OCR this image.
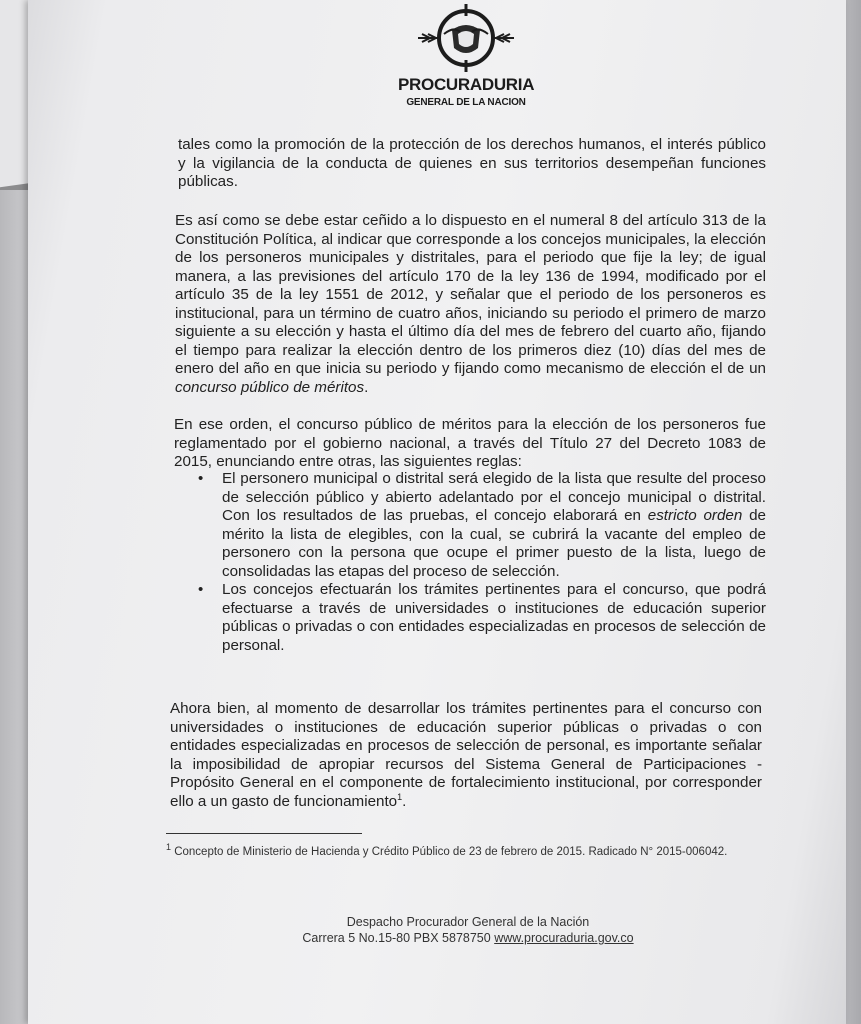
PROCURADURIA
GENERAL DE LA NACION

tales como la promoción de la protección de los derechos humanos, el interés público y la vigilancia de la conducta de quienes en sus territorios desempeñan funciones públicas.

Es así como se debe estar ceñido a lo dispuesto en el numeral 8 del artículo 313 de la Constitución Política, al indicar que corresponde a los concejos municipales, la elección de los personeros municipales y distritales, para el periodo que fije la ley; de igual manera, a las previsiones del artículo 170 de la ley 136 de 1994, modificado por el artículo 35 de la ley 1551 de 2012, y señalar que el periodo de los personeros es institucional, para un término de cuatro años, iniciando su periodo el primero de marzo siguiente a su elección y hasta el último día del mes de febrero del cuarto año, fijando el tiempo para realizar la elección dentro de los primeros diez (10) días del mes de enero del año en que inicia su periodo y fijando como mecanismo de elección el de un concurso público de méritos.

En ese orden, el concurso público de méritos para la elección de los personeros fue reglamentado por el gobierno nacional, a través del Título 27 del Decreto 1083 de 2015, enunciando entre otras, las siguientes reglas:

• El personero municipal o distrital será elegido de la lista que resulte del proceso de selección público y abierto adelantado por el concejo municipal o distrital. Con los resultados de las pruebas, el concejo elaborará en estricto orden de mérito la lista de elegibles, con la cual, se cubrirá la vacante del empleo de personero con la persona que ocupe el primer puesto de la lista, luego de consolidadas las etapas del proceso de selección.
• Los concejos efectuarán los trámites pertinentes para el concurso, que podrá efectuarse a través de universidades o instituciones de educación superior públicas o privadas o con entidades especializadas en procesos de selección de personal.

Ahora bien, al momento de desarrollar los trámites pertinentes para el concurso con universidades o instituciones de educación superior públicas o privadas o con entidades especializadas en procesos de selección de personal, es importante señalar la imposibilidad de apropiar recursos del Sistema General de Participaciones - Propósito General en el componente de fortalecimiento institucional, por corresponder ello a un gasto de funcionamiento$^1$.

$^1$ Concepto de Ministerio de Hacienda y Crédito Público de 23 de febrero de 2015. Radicado N° 2015-006042.
Despacho Procurador General de la Nación
Carrera 5 No.15-80 PBX 5878750 www.procuraduria.gov.co
